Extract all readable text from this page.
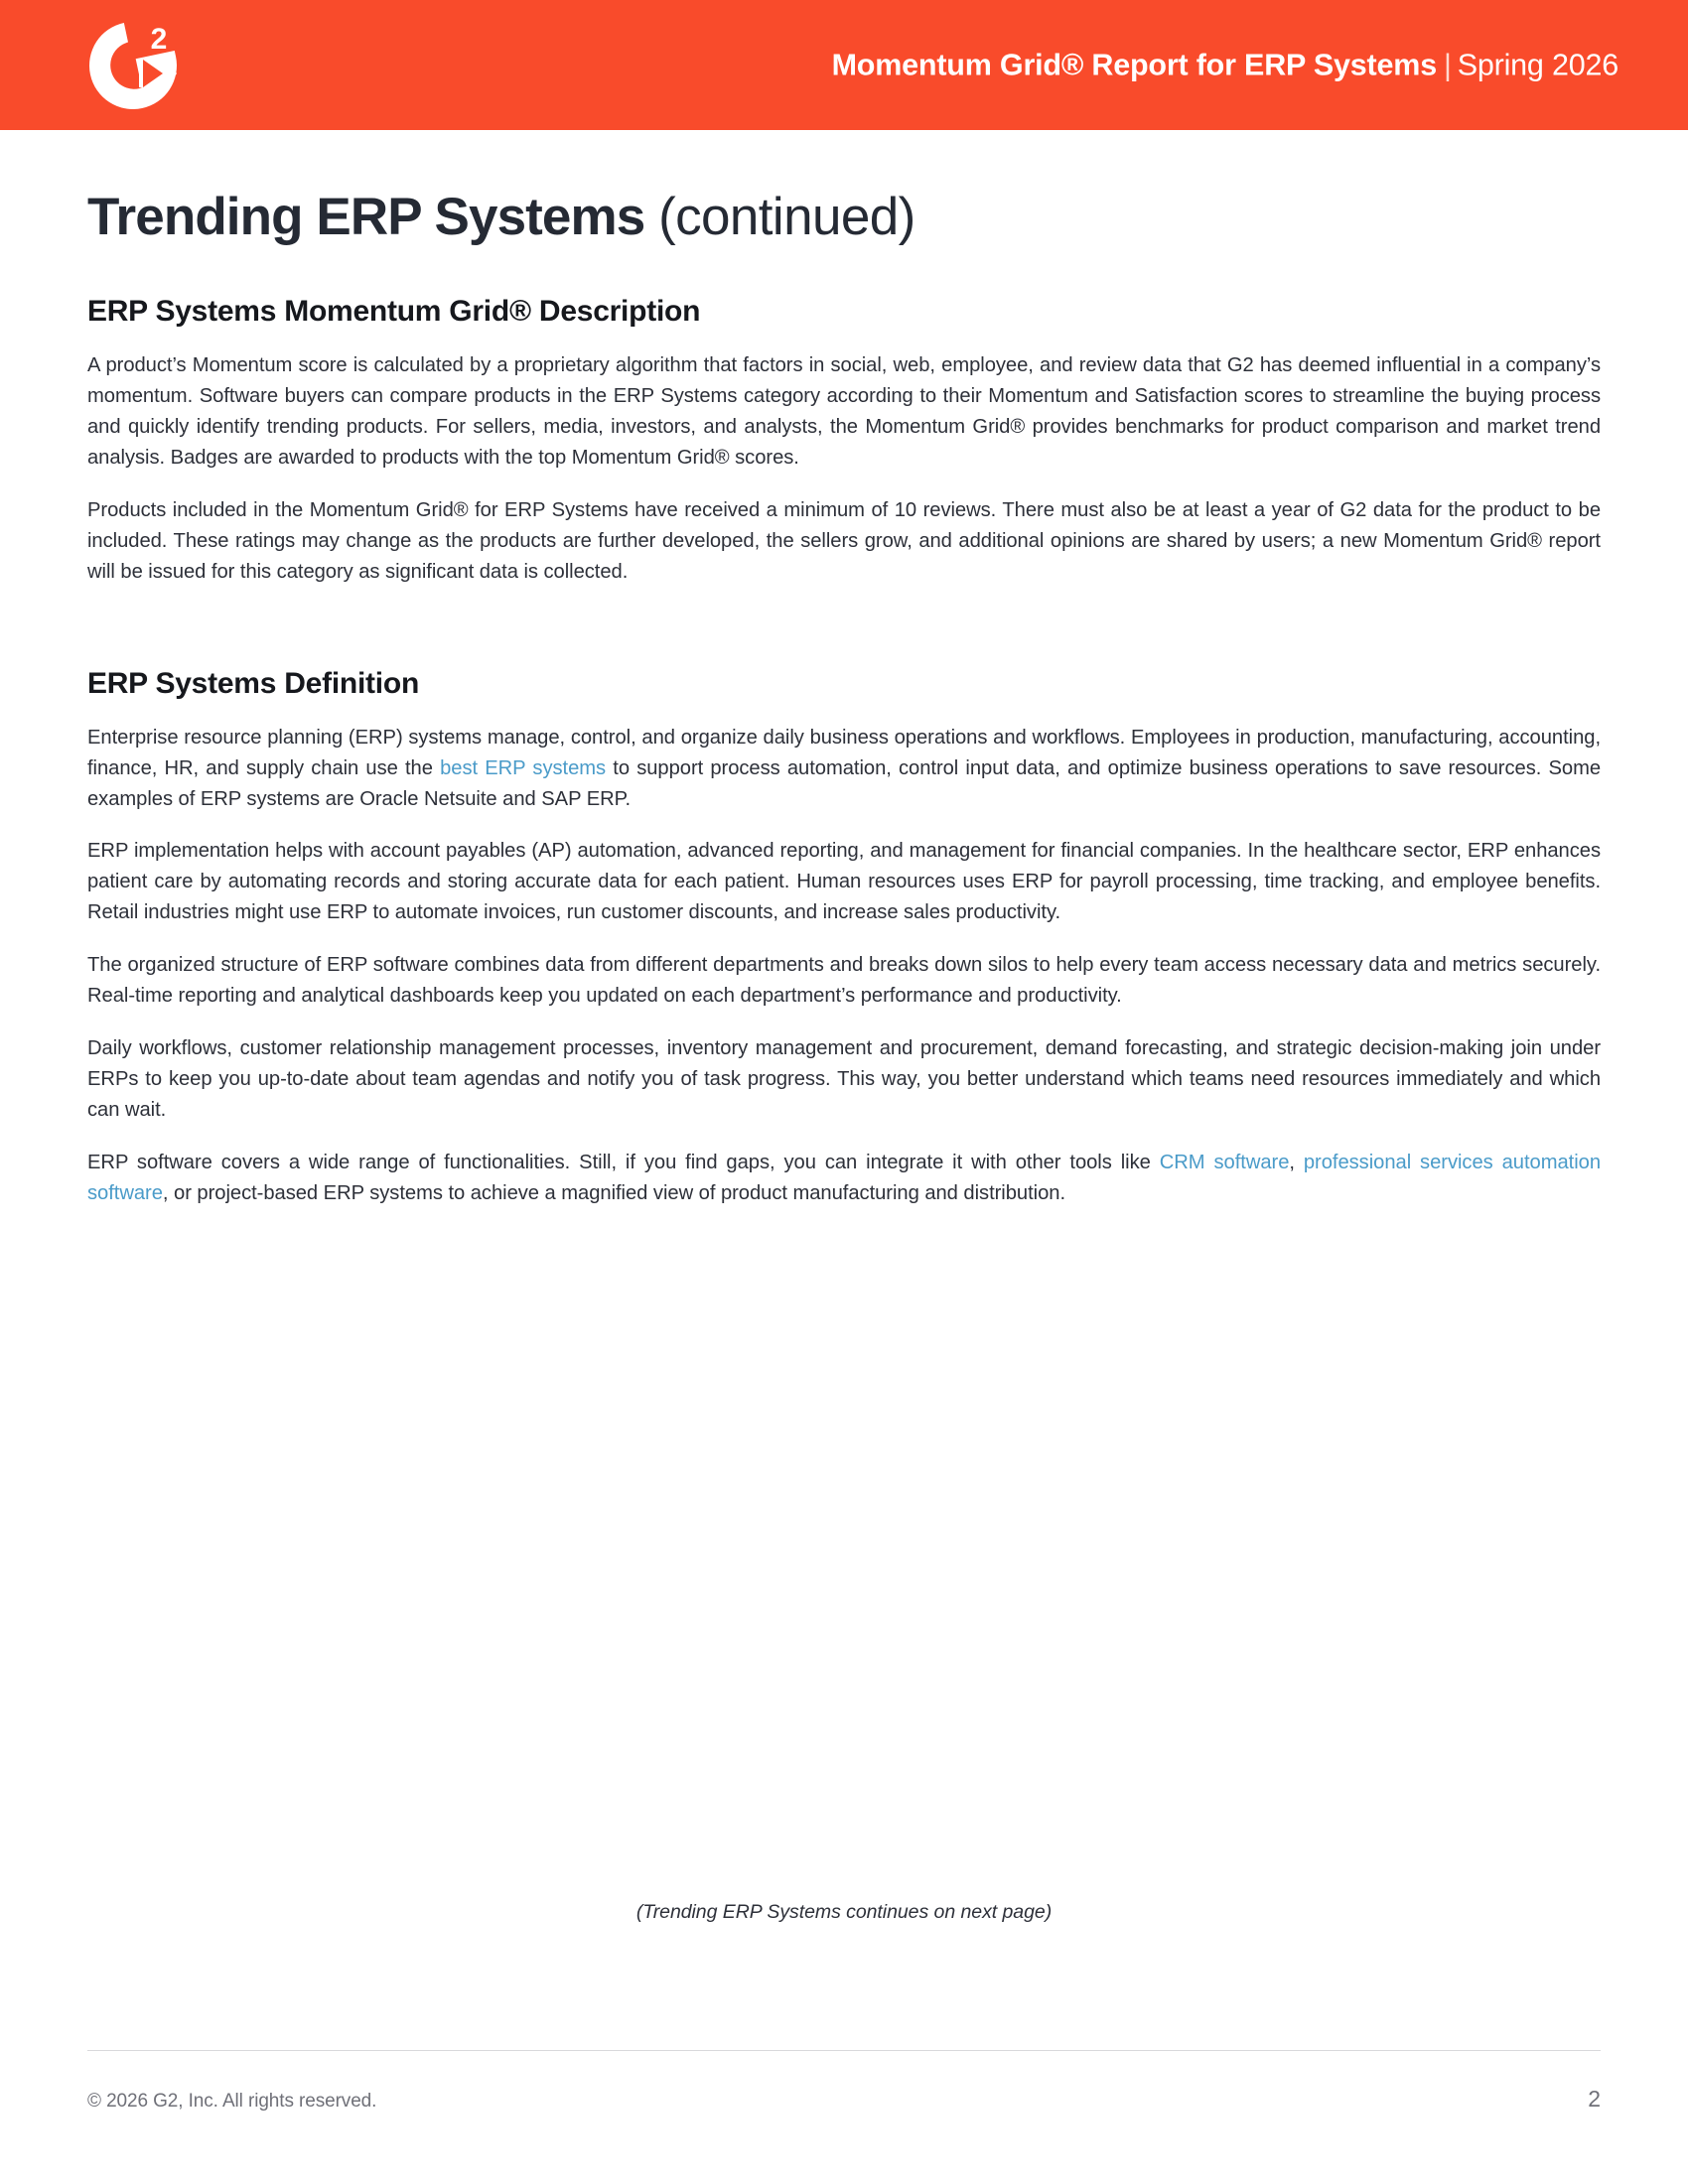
2
Momentum Grid® Report for ERP Systems | Spring 2026
Trending ERP Systems (continued)
ERP Systems Momentum Grid® Description

A product’s Momentum score is calculated by a proprietary algorithm that factors in social, web, employee, and review data that G2 has deemed influential in a company’s momentum. Software buyers can compare products in the ERP Systems category according to their Momentum and Satisfaction scores to streamline the buying process and quickly identify trending products. For sellers, media, investors, and analysts, the Momentum Grid® provides benchmarks for product comparison and market trend analysis. Badges are awarded to products with the top Momentum Grid® scores.

Products included in the Momentum Grid® for ERP Systems have received a minimum of 10 reviews. There must also be at least a year of G2 data for the product to be included. These ratings may change as the products are further developed, the sellers grow, and additional opinions are shared by users; a new Momentum Grid® report will be issued for this category as significant data is collected.

ERP Systems Definition

Enterprise resource planning (ERP) systems manage, control, and organize daily business operations and workflows. Employees in production, manufacturing, accounting, finance, HR, and supply chain use the best ERP systems to support process automation, control input data, and optimize business operations to save resources. Some examples of ERP systems are Oracle Netsuite and SAP ERP.

ERP implementation helps with account payables (AP) automation, advanced reporting, and management for financial companies. In the healthcare sector, ERP enhances patient care by automating records and storing accurate data for each patient. Human resources uses ERP for payroll processing, time tracking, and employee benefits. Retail industries might use ERP to automate invoices, run customer discounts, and increase sales productivity.

The organized structure of ERP software combines data from different departments and breaks down silos to help every team access necessary data and metrics securely. Real-time reporting and analytical dashboards keep you updated on each department’s performance and productivity.

Daily workflows, customer relationship management processes, inventory management and procurement, demand forecasting, and strategic decision-making join under ERPs to keep you up-to-date about team agendas and notify you of task progress. This way, you better understand which teams need resources immediately and which can wait.

ERP software covers a wide range of functionalities. Still, if you find gaps, you can integrate it with other tools like CRM software, professional services automation software, or project-based ERP systems to achieve a magnified view of product manufacturing and distribution.

(Trending ERP Systems continues on next page)
© 2026 G2, Inc. All rights reserved.	2
